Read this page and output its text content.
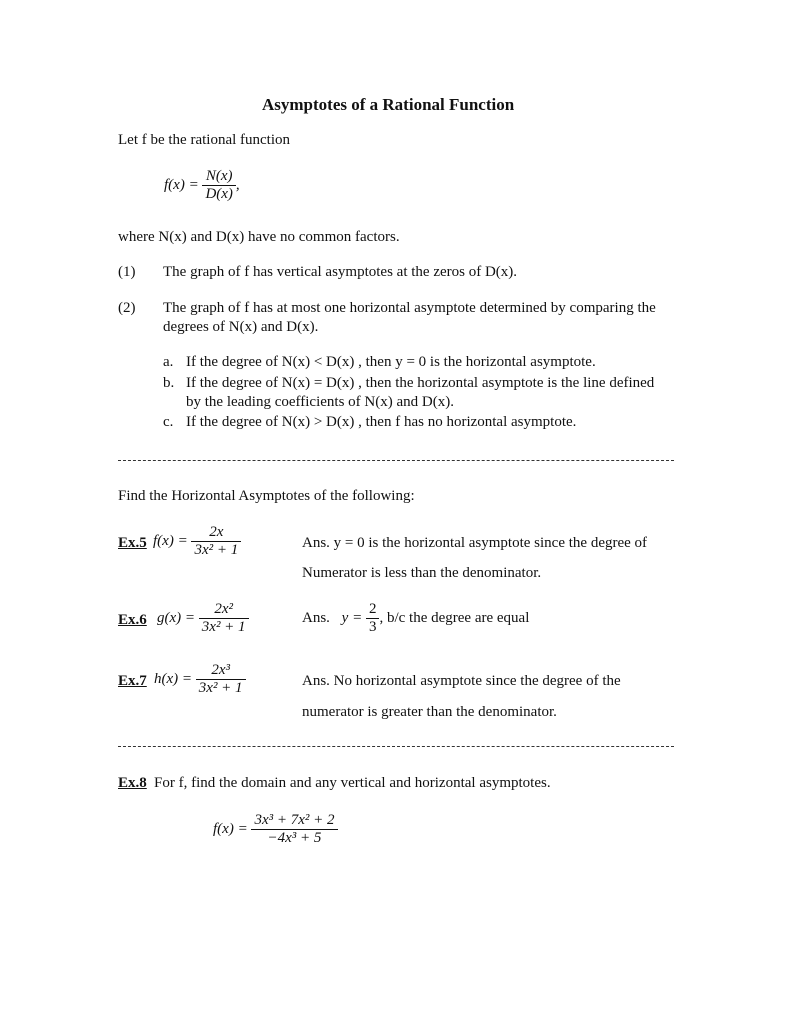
Asymptotes of a Rational Function
Let f be the rational function
$f(x) = \frac{N(x)}{D(x)}$ ,
where N(x) and D(x) have no common factors.
(1) The graph of f has vertical asymptotes at the zeros of D(x).
(2) The graph of f has at most one horizontal asymptote determined by comparing the
degrees of N(x) and D(x).
a. If the degree of N(x) < D(x) , then y = 0 is the horizontal asymptote.
b. If the degree of N(x) = D(x) , then the horizontal asymptote is the line defined
by the leading coefficients of N(x) and D(x).
c. If the degree of N(x) > D(x) , then f has no horizontal asymptote.
Find the Horizontal Asymptotes of the following:
Ex.5 $f(x) = \frac{2x}{\text{3x² + 1}}$	Ans. y = 0 is the horizontal asymptote since the degree of
Numerator is less than the denominator.
Ex.6 $g(x) = \frac{\text{2x²}}{\text{3x² + 1}}$	Ans. $y = \frac{2}{3}$ , b/c the degree are equal
Ex.7 $h(x) = \frac{\text{2x³}}{\text{3x² + 1}}$	Ans. No horizontal asymptote since the degree of the
numerator is greater than the denominator.
Ex.8 For f, find the domain and any vertical and horizontal asymptotes.
$f(x) = \frac{\text{3x³ + 7x² + 2}}{\text{−4x³ + 5}}$
